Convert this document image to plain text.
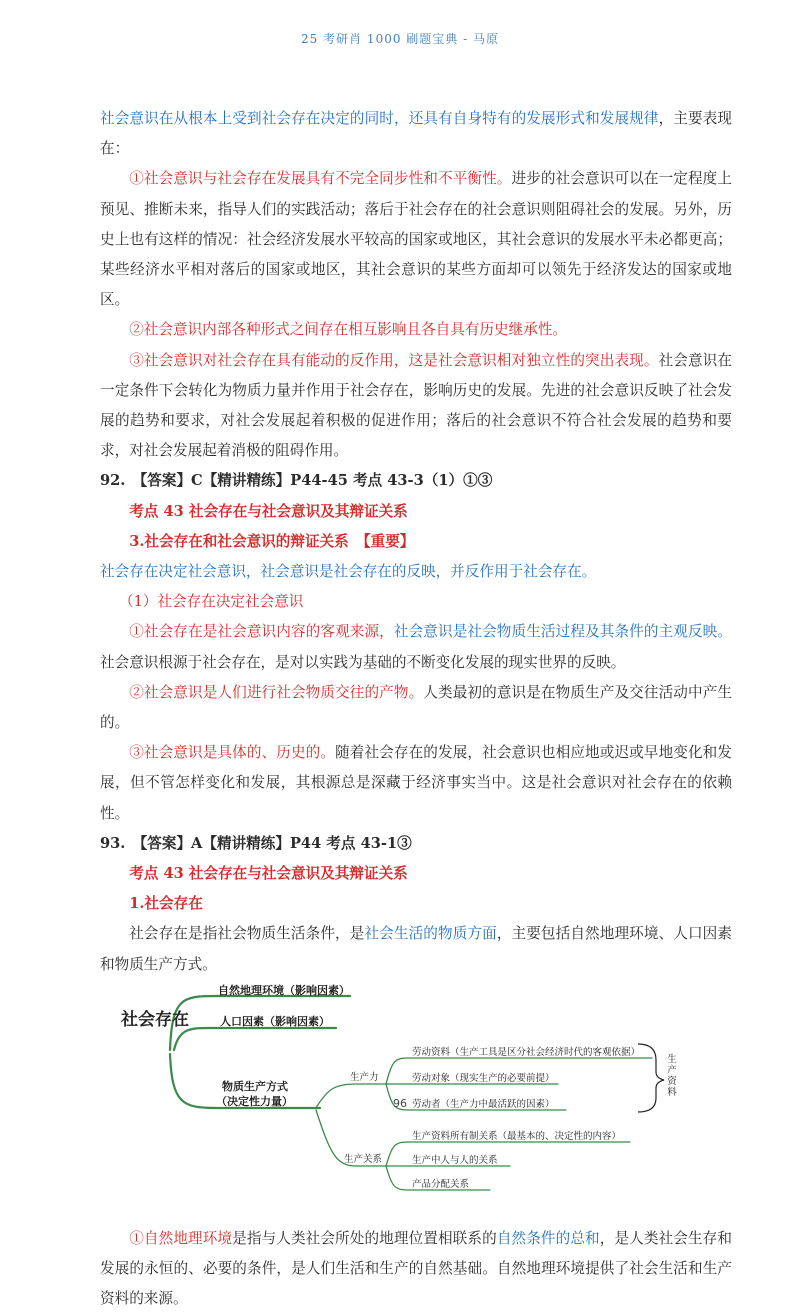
25 考研肖 1000 刷题宝典 - 马原

社会意识在从根本上受到社会存在决定的同时，还具有自身特有的发展形式和发展规律，主要表现在：

①社会意识与社会存在发展具有不完全同步性和不平衡性。进步的社会意识可以在一定程度上预见、推断未来，指导人们的实践活动；落后于社会存在的社会意识则阻碍社会的发展。另外，历史上也有这样的情况：社会经济发展水平较高的国家或地区，其社会意识的发展水平未必都更高；某些经济水平相对落后的国家或地区，其社会意识的某些方面却可以领先于经济发达的国家或地区。

②社会意识内部各种形式之间存在相互影响且各自具有历史继承性。

③社会意识对社会存在具有能动的反作用，这是社会意识相对独立性的突出表现。社会意识在一定条件下会转化为物质力量并作用于社会存在，影响历史的发展。先进的社会意识反映了社会发展的趋势和要求，对社会发展起着积极的促进作用；落后的社会意识不符合社会发展的趋势和要求，对社会发展起着消极的阻碍作用。

92.　【答案】C【精讲精练】P44-45 考点 43-3（1）①③

考点 43 社会存在与社会意识及其辩证关系

3.社会存在和社会意识的辩证关系　【重要】

社会存在决定社会意识，社会意识是社会存在的反映，并反作用于社会存在。

（1）社会存在决定社会意识

①社会存在是社会意识内容的客观来源，社会意识是社会物质生活过程及其条件的主观反映。社会意识根源于社会存在，是对以实践为基础的不断变化发展的现实世界的反映。

②社会意识是人们进行社会物质交往的产物。人类最初的意识是在物质生产及交往活动中产生的。

③社会意识是具体的、历史的。随着社会存在的发展，社会意识也相应地或迟或早地变化和发展，但不管怎样变化和发展，其根源总是深藏于经济事实当中。这是社会意识对社会存在的依赖性。

93.　【答案】A【精讲精练】P44 考点 43-1③

考点 43 社会存在与社会意识及其辩证关系

1.社会存在

社会存在是指社会物质生活条件，是社会生活的物质方面，主要包括自然地理环境、人口因素和物质生产方式。

社会存在
自然地理环境（影响因素）
人口因素（影响因素）
物质生产方式
（决定性力量）
生产力
生产关系
劳动资料（生产工具是区分社会经济时代的客观依据）
劳动对象（现实生产的必要前提）
劳动者（生产力中最活跃的因素）
生产资料
生产资料所有制关系（最基本的、决定性的内容）
生产中人与人的关系
产品分配关系

①自然地理环境是指与人类社会所处的地理位置相联系的自然条件的总和，是人类社会生存和发展的永恒的、必要的条件，是人们生活和生产的自然基础。自然地理环境提供了社会生活和生产资料的来源。

96
